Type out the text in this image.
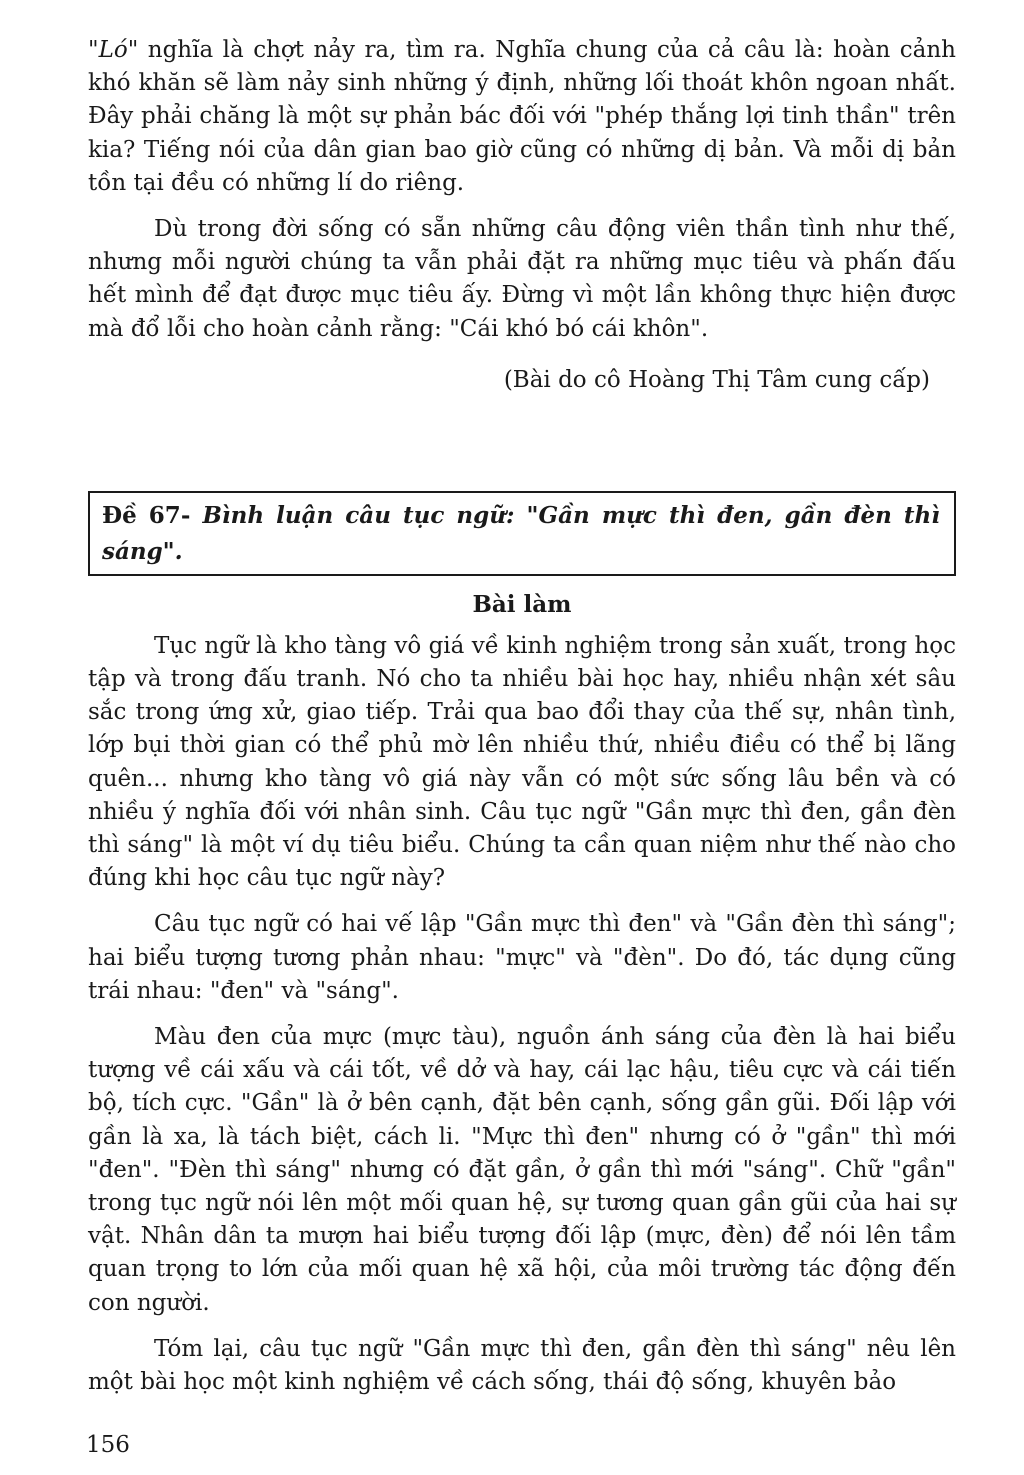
"Ló" nghĩa là chợt nảy ra, tìm ra. Nghĩa chung của cả câu là: hoàn cảnh khó khăn sẽ làm nảy sinh những ý định, những lối thoát khôn ngoan nhất. Đây phải chăng là một sự phản bác đối với "phép thắng lợi tinh thần" trên kia? Tiếng nói của dân gian bao giờ cũng có những dị bản. Và mỗi dị bản tồn tại đều có những lí do riêng.

Dù trong đời sống có sẵn những câu động viên thần tình như thế, nhưng mỗi người chúng ta vẫn phải đặt ra những mục tiêu và phấn đấu hết mình để đạt được mục tiêu ấy. Đừng vì một lần không thực hiện được mà đổ lỗi cho hoàn cảnh rằng: "Cái khó bó cái khôn".

(Bài do cô Hoàng Thị Tâm cung cấp)
Đề 67- Bình luận câu tục ngữ: "Gần mực thì đen, gần đèn thì sáng".
Bài làm

Tục ngữ là kho tàng vô giá về kinh nghiệm trong sản xuất, trong học tập và trong đấu tranh. Nó cho ta nhiều bài học hay, nhiều nhận xét sâu sắc trong ứng xử, giao tiếp. Trải qua bao đổi thay của thế sự, nhân tình, lớp bụi thời gian có thể phủ mờ lên nhiều thứ, nhiều điều có thể bị lãng quên... nhưng kho tàng vô giá này vẫn có một sức sống lâu bền và có nhiều ý nghĩa đối với nhân sinh. Câu tục ngữ "Gần mực thì đen, gần đèn thì sáng" là một ví dụ tiêu biểu. Chúng ta cần quan niệm như thế nào cho đúng khi học câu tục ngữ này?

Câu tục ngữ có hai vế lập "Gần mực thì đen" và "Gần đèn thì sáng"; hai biểu tượng tương phản nhau: "mực" và "đèn". Do đó, tác dụng cũng trái nhau: "đen" và "sáng".

Màu đen của mực (mực tàu), nguồn ánh sáng của đèn là hai biểu tượng về cái xấu và cái tốt, về dở và hay, cái lạc hậu, tiêu cực và cái tiến bộ, tích cực. "Gần" là ở bên cạnh, đặt bên cạnh, sống gần gũi. Đối lập với gần là xa, là tách biệt, cách li. "Mực thì đen" nhưng có ở "gần" thì mới "đen". "Đèn thì sáng" nhưng có đặt gần, ở gần thì mới "sáng". Chữ "gần" trong tục ngữ nói lên một mối quan hệ, sự tương quan gần gũi của hai sự vật. Nhân dân ta mượn hai biểu tượng đối lập (mực, đèn) để nói lên tầm quan trọng to lớn của mối quan hệ xã hội, của môi trường tác động đến con người.

Tóm lại, câu tục ngữ "Gần mực thì đen, gần đèn thì sáng" nêu lên một bài học một kinh nghiệm về cách sống, thái độ sống, khuyên bảo

156
